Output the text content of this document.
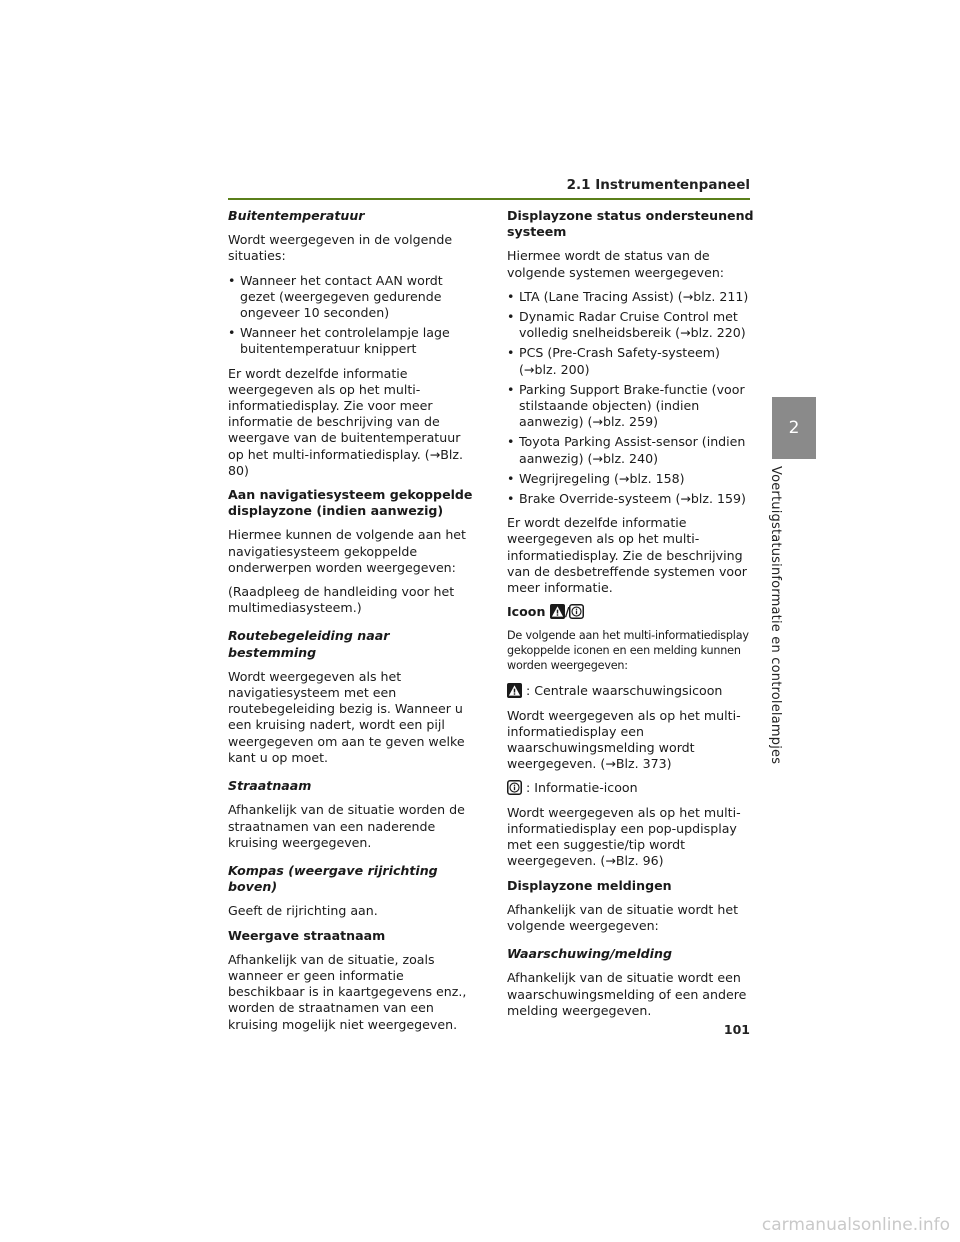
2.1 Instrumentenpaneel
Buitentemperatuur

Wordt weergegeven in de volgende situaties:

• Wanneer het contact AAN wordt gezet (weergegeven gedurende ongeveer 10 seconden)
• Wanneer het controlelampje lage buitentemperatuur knippert

Er wordt dezelfde informatie weergegeven als op het multi-informatiedisplay. Zie voor meer informatie de beschrijving van de weergave van de buitentemperatuur op het multi-informatiedisplay. (→Blz. 80)

Aan navigatiesysteem gekoppelde displayzone (indien aanwezig)

Hiermee kunnen de volgende aan het navigatiesysteem gekoppelde onderwerpen worden weergegeven:

(Raadpleeg de handleiding voor het multimediasysteem.)

Routebegeleiding naar bestemming

Wordt weergegeven als het navigatiesysteem met een routebegeleiding bezig is. Wanneer u een kruising nadert, wordt een pijl weergegeven om aan te geven welke kant u op moet.

Straatnaam

Afhankelijk van de situatie worden de straatnamen van een naderende kruising weergegeven.

Kompas (weergave rijrichting boven)

Geeft de rijrichting aan.

Weergave straatnaam

Afhankelijk van de situatie, zoals wanneer er geen informatie beschikbaar is in kaartgegevens enz., worden de straatnamen van een kruising mogelijk niet weergegeven.

Displayzone status ondersteunend systeem

Hiermee wordt de status van de volgende systemen weergegeven:

• LTA (Lane Tracing Assist) (→blz. 211)
• Dynamic Radar Cruise Control met volledig snelheidsbereik (→blz. 220)
• PCS (Pre-Crash Safety-systeem) (→blz. 200)
• Parking Support Brake-functie (voor stilstaande objecten) (indien aanwezig) (→blz. 259)
• Toyota Parking Assist-sensor (indien aanwezig) (→blz. 240)
• Wegrijregeling (→blz. 158)
• Brake Override-systeem (→blz. 159)

Er wordt dezelfde informatie weergegeven als op het multi-informatiedisplay. Zie de beschrijving van de desbetreffende systemen voor meer informatie.

Icoon /

De volgende aan het multi-informatiedisplay gekoppelde iconen en een melding kunnen worden weergegeven:

: Centrale waarschuwingsicoon

Wordt weergegeven als op het multi-informatiedisplay een waarschuwingsmelding wordt weergegeven. (→Blz. 373)

: Informatie-icoon

Wordt weergegeven als op het multi-informatiedisplay een pop-updisplay met een suggestie/tip wordt weergegeven. (→Blz. 96)

Displayzone meldingen

Afhankelijk van de situatie wordt het volgende weergegeven:

Waarschuwing/melding

Afhankelijk van de situatie wordt een waarschuwingsmelding of een andere melding weergegeven.

2
Voertuigstatusinformatie en controlelampjes
101
carmanualsonline.info
